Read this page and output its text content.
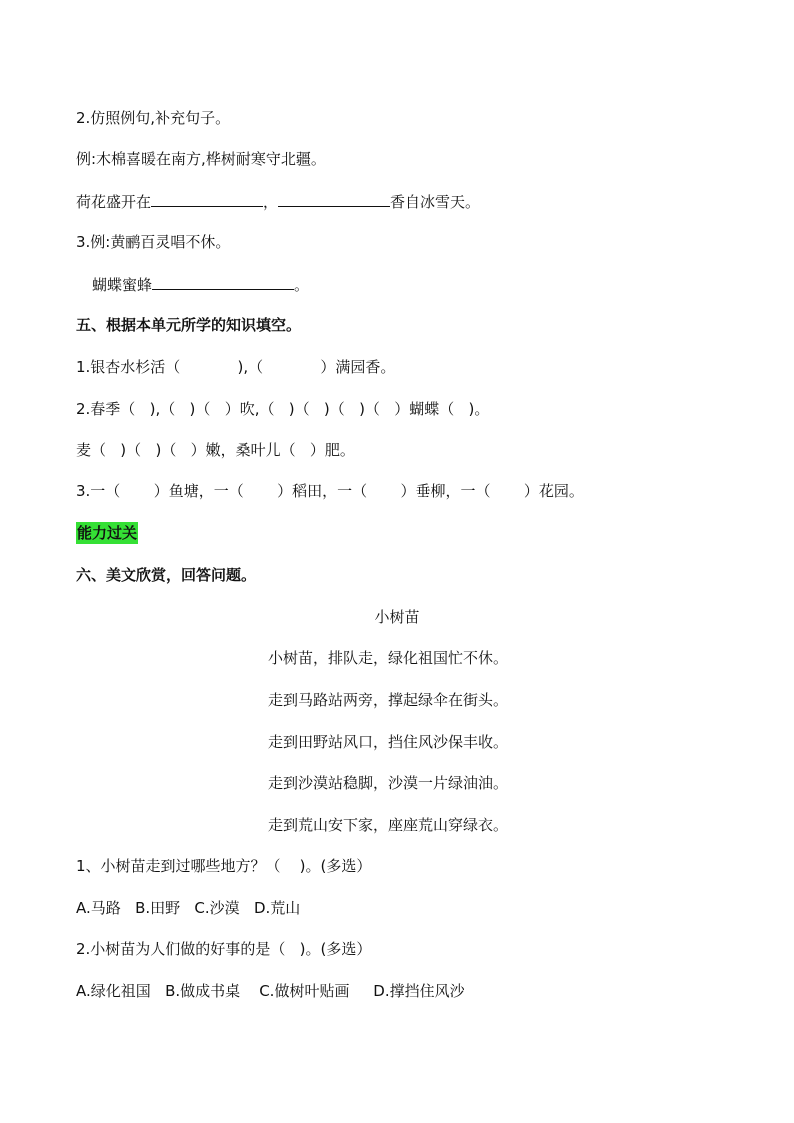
2.仿照例句,补充句子。
例:木棉喜暖在南方,桦树耐寒守北疆。
荷花盛开在	，	香自冰雪天。
3.例:黄鹂百灵唱不休。
蝴蝶蜜蜂	。
五、根据本单元所学的知识填空。
1.银杏水杉活（            ),（            ）满园香。
2.春季（   ),（   )（   ）吹,（   )（   )（   )（   ）蝴蝶（   )。
麦（   )（   )（   ）嫩，桑叶儿（   ）肥。
3.一（       ）鱼塘，一（       ）稻田，一（       ）垂柳，一（       ）花园。
能力过关
六、美文欣赏，回答问题。
小树苗
小树苗，排队走，绿化祖国忙不休。
走到马路站两旁，撑起绿伞在街头。
走到田野站风口，挡住风沙保丰收。
走到沙漠站稳脚，沙漠一片绿油油。
走到荒山安下家，座座荒山穿绿衣。
1、小树苗走到过哪些地方？（    )。(多选）
A.马路   B.田野   C.沙漠   D.荒山
2.小树苗为人们做的好事的是（   )。(多选）
A.绿化祖国   B.做成书桌    C.做树叶贴画     D.撑挡住风沙
